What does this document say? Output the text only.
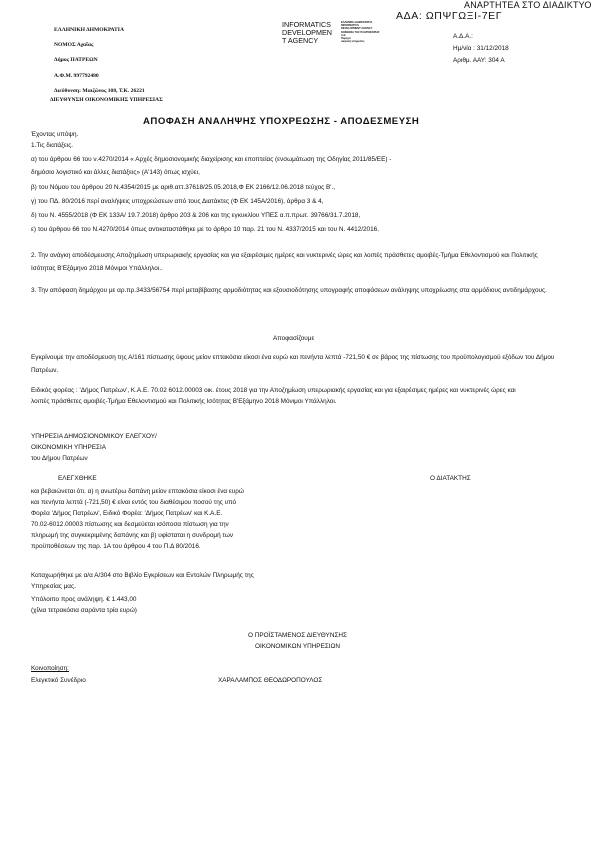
ΑΝΑΡΤΗΤΕΑ ΣΤΟ ΔΙΑΔΙΚΤΥΟ
ΑΔΑ: ΩΠΨΓΩΞΙ-7ΕΓ
ΕΛΛΗΝΙΚΗ ΔΗΜΟΚΡΑΤΙΑ
ΝΟΜΟΣ Αχαΐας
Δήμος ΠΑΤΡΕΩΝ
Α.Φ.Μ. 997792480
Διεύθυνση: Μαιζώνος 108, Τ.Κ. 26221
ΔΙΕΥΘΥΝΣΗ ΟΙΚΟΝΟΜΙΚΗΣ ΥΠΗΡΕΣΙΑΣ
INFORMATICS
DEVELOPMEN
T AGENCY
ΕΛΛΗΝΙΚΗ ΔΗΜΟΚΡΑΤΙΑ
INFORMATICS
DEVELOPMENT AGENCY
ΚΟΙΝΩΝΙΑ ΤΗΣ ΠΛΗΡΟΦΟΡΙΑΣ
Α.Ε.
Παρέχει
ασφαλή υπηρεσίες
Α.Δ.Α.:
Ημ/νία : 31/12/2018
Αριθμ. ΑΑΥ: 304 Α
ΑΠΟΦΑΣΗ ΑΝΑΛΗΨΗΣ ΥΠΟΧΡΕΩΣΗΣ - ΑΠΟΔΕΣΜΕΥΣΗ
Έχοντας υπόψη.
1.Τις διατάξεις.
α) του άρθρου 66 του ν.4270/2014 « Αρχές δημοσιονομικής διαχείρισης και εποπτείας (ενσωμάτωση της Οδηγίας 2011/85/ΕΕ) -
δημόσιο λογιστικό και άλλες διατάξεις» (Α'143) όπως ισχύει,
β) του Νόμου του άρθρου 20 Ν.4354/2015 με αριθ.αττ.37618/25.05.2018,Φ ΕΚ 2166/12.06.2018 τεύχος Β'.,
γ) του ΠΔ. 80/2016 περί αναλήψεις υποχρεώσεων από τους Διατάκτες (Φ ΕΚ 145Α/2016), άρθρα 3 & 4,
δ) του Ν. 4555/2018 (Φ ΕΚ 133Α/ 19.7.2018) άρθρο 203 & 206 και της εγκυκλίου ΥΠΕΣ α.π.πρωτ. 39766/31.7.2018,
ε) του άρθρου 66 του Ν.4270/2014 όπως αντικαταστάθηκε με το άρθρο 10 παρ. 21 του Ν. 4337/2015 και του Ν. 4412/2016.
2. Την ανάγκη αποδέσμευσης Αποζημίωση υπερωριακής εργασίας και για εξαιρέσιμες ημέρες και νυκτερινές ώρες και λοιπές πράσθετες αμοιβές-Τμήμα Εθελοντισμού και Πολιτικής Ισότητας Β'Εξάμηνο 2018 Μόνιμοι Υπάλληλοι..
3. Την απόφαση δημάρχου με αρ.πρ.3433/56754 περί μεταβίβασης αρμοδιότητας και εξουσιοδότησης υπογραφής αποφάσεων ανάληψης υποχρέωσης στα αρμόδιους αντιδημάρχους.
Αποφασίζουμε
Εγκρίνουμε την αποδέσμευση της Α/161 πίστωσης ύψους μείον επτακόσια είκοσι ένα ευρώ και πενήντα λεπτά -721,50 € σε βάρος της πίστωσης του προϋπολογισμού εξόδων του Δήμου Πατρέων.
Ειδικός φορέας : 'Δήμος Πατρέων', Κ.Α.Ε. 70.02 6012.00003 οικ. έτους 2018 για την Αποζημίωση υπερωριακής εργασίας και για εξαιρέσιμες ημέρες και νυκτερινές ώρες και λοιπές πράσθετες αμοιβές-Τμήμα Εθελοντισμού και Πολιτικής Ισότητας Β'Εξάμηνο 2018 Μόνιμοι Υπάλληλοι.
ΥΠΗΡΕΣΙΑ ΔΗΜΟΣΙΟΝΟΜΙΚΟΥ ΕΛΕΓΧΟΥ/
ΟΙΚΟΝΟΜΙΚΗ ΥΠΗΡΕΣΙΑ
του Δήμου Πατρέων
ΕΛΕΓΧΘΗΚΕ	Ο ΔΙΑΤΑΚΤΗΣ
και βεβαιώνεται ότι. α) η ανωτέρω δαπάνη μείον επτακόσια είκοσι ένα ευρώ
και πενήντα λεπτά (-721,50) € είναι εντός του διαθέσιμου ποσού της υπό
Φορέα 'Δήμος Πατρέων', Ειδικό Φορέα: 'Δήμος Πατρέων' και Κ.Α.Ε.
70.02-6012.00003 πίστωσης και δεσμεύεται ισόποσα πίστωση για την
πληρωμή της συγκεκριμένης δαπάνης και β) υφίσταται η συνδρομή των
προϋποθέσεων της παρ. 1Α του άρθρου 4 του Π.Δ 80/2016.
Καταχωρήθηκε με α/α Α/304 στο Βιβλίο Εγκρίσεων και Εντολών Πληρωμής της
Υπηρεσίας μας.
Υπόλοιπο προς ανάληψη. € 1.443,00
(χίλια τετρακόσια σαράντα τρία ευρώ)
Ο ΠΡΟΪΣΤΑΜΕΝΟΣ ΔΙΕΥΘΥΝΣΗΣ
ΟΙΚΟΝΟΜΙΚΩΝ ΥΠΗΡΕΣΙΩΝ
Κοινοποίηση:
Ελεγκτικό Συνέδριο	ΧΑΡΑΛΑΜΠΟΣ ΘΕΟΔΩΡΟΠΟΥΛΟΣ
